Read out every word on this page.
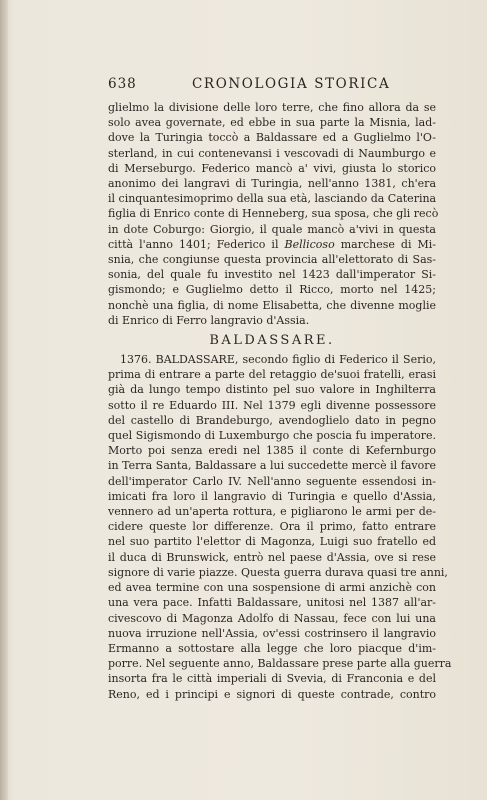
638	CRONOLOGIA STORICA
glielmo la divisione delle loro terre, che fino allora da se
solo avea governate, ed ebbe in sua parte la Misnia, lad-
dove la Turingia toccò a Baldassare ed a Guglielmo l'O-
sterland, in cui contenevansi i vescovadi di Naumburgo e
di Merseburgo. Federico mancò a' vivi, giusta lo storico
anonimo dei langravi di Turingia, nell'anno 1381, ch'era
il cinquantesimoprimo della sua età, lasciando da Caterina
figlia di Enrico conte di Henneberg, sua sposa, che gli recò
in dote Coburgo: Giorgio, il quale mancò a'vivi in questa
città l'anno 1401; Federico il Bellicoso marchese di Mi-
snia, che congiunse questa provincia all'elettorato di Sas-
sonia, del quale fu investito nel 1423 dall'imperator Si-
gismondo; e Guglielmo detto il Ricco, morto nel 1425;
nonchè una figlia, di nome Elisabetta, che divenne moglie
di Enrico di Ferro langravio d'Assia.
BALDASSARE.
1376. BALDASSARE, secondo figlio di Federico il Serio,
prima di entrare a parte del retaggio de'suoi fratelli, erasi
già da lungo tempo distinto pel suo valore in Inghilterra
sotto il re Eduardo III. Nel 1379 egli divenne possessore
del castello di Brandeburgo, avendoglielo dato in pegno
quel Sigismondo di Luxemburgo che poscia fu imperatore.
Morto poi senza eredi nel 1385 il conte di Kefernburgo
in Terra Santa, Baldassare a lui succedette mercè il favore
dell'imperator Carlo IV. Nell'anno seguente essendosi in-
imicati fra loro il langravio di Turingia e quello d'Assia,
vennero ad un'aperta rottura, e pigliarono le armi per de-
cidere queste lor differenze. Ora il primo, fatto entrare
nel suo partito l'elettor di Magonza, Luigi suo fratello ed
il duca di Brunswick, entrò nel paese d'Assia, ove si rese
signore di varie piazze. Questa guerra durava quasi tre anni,
ed avea termine con una sospensione di armi anzichè con
una vera pace. Infatti Baldassare, unitosi nel 1387 all'ar-
civescovo di Magonza Adolfo di Nassau, fece con lui una
nuova irruzione nell'Assia, ov'essi costrinsero il langravio
Ermanno a sottostare alla legge che loro piacque d'im-
porre. Nel seguente anno, Baldassare prese parte alla guerra
insorta fra le città imperiali di Svevia, di Franconia e del
Reno, ed i principi e signori di queste contrade, contro
